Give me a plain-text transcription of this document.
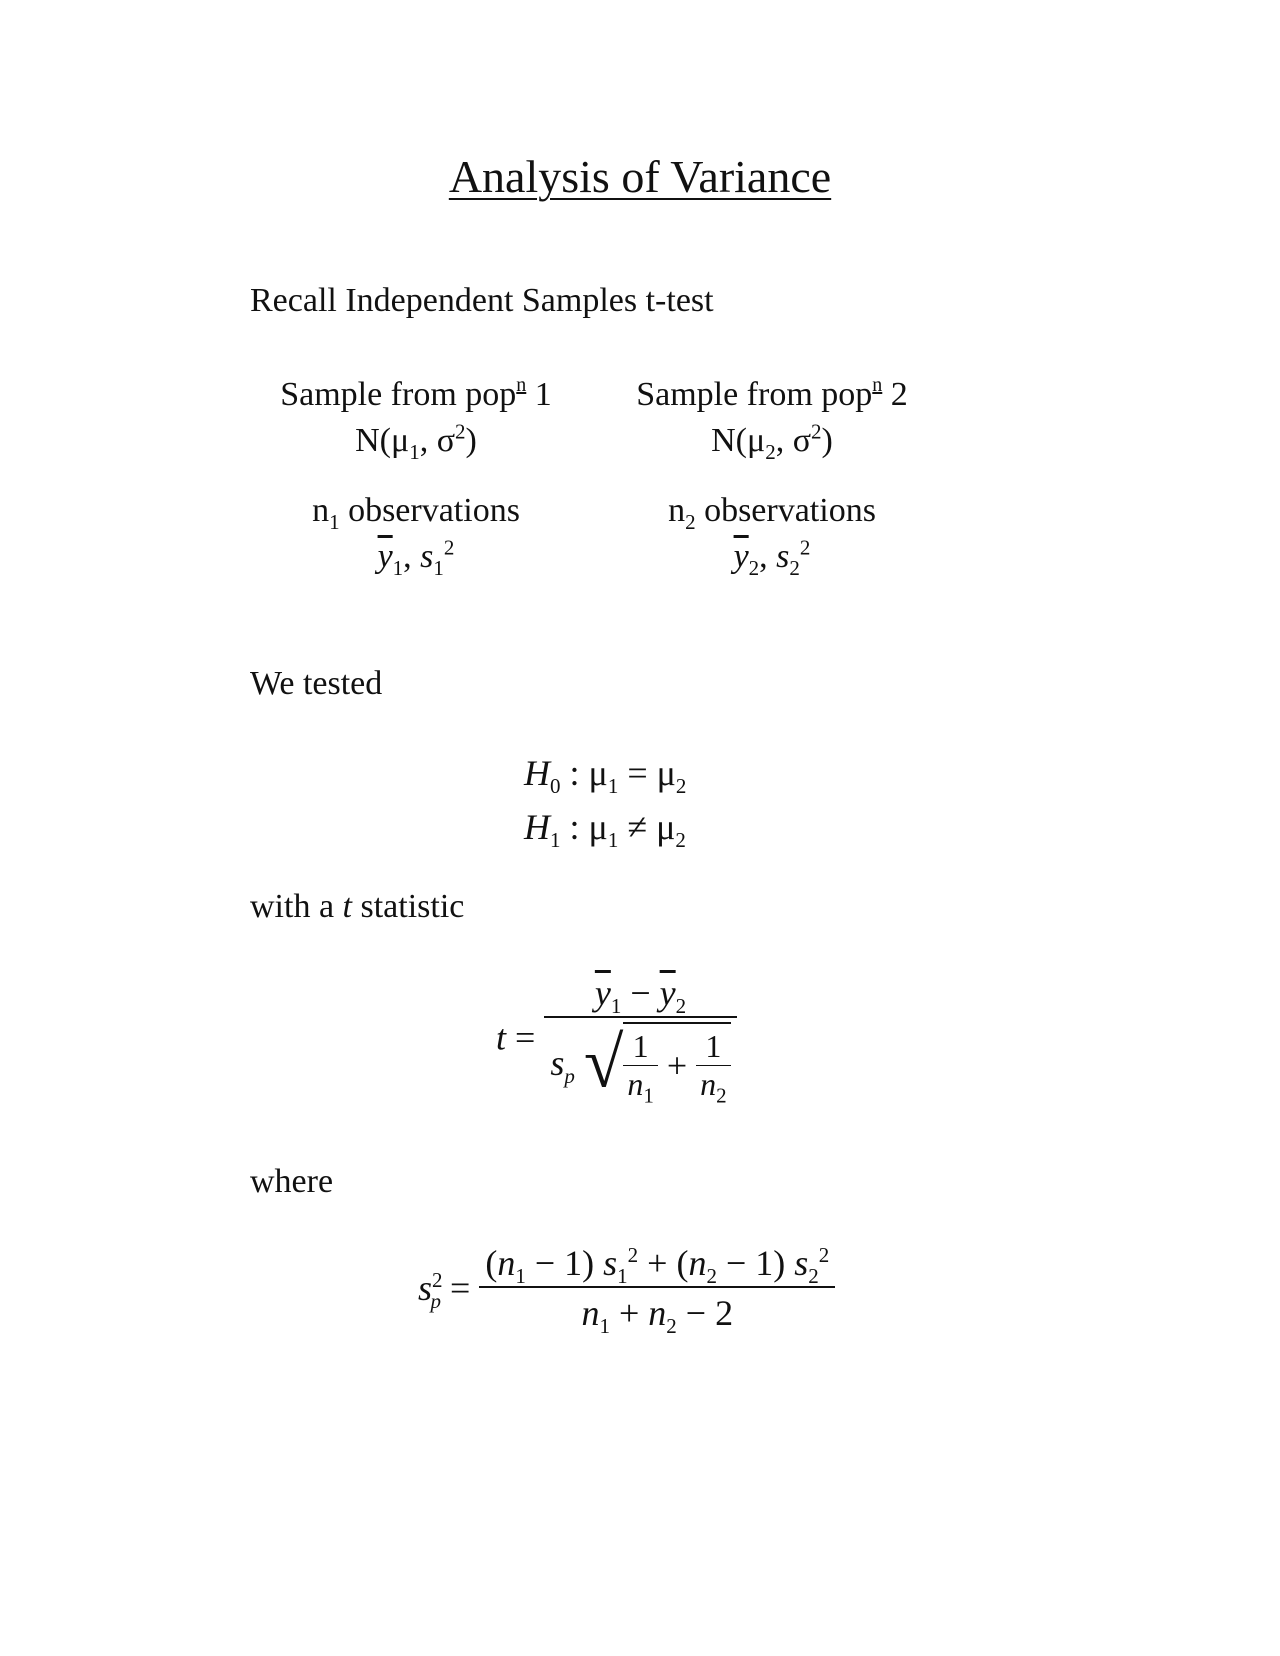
Analysis of Variance
Recall Independent Samples t-test
Sample from pop$^n$ 1
$N(\mu_1$, $\sigma^2$)
Sample from pop$^n$ 2
$N(\mu_2$, $\sigma^2$)
$n_1$ observations
$\overline{y}_1$, $s_1^2$
$n_2$ observations
$\overline{y}_2$, $s_2^2$
We tested
$H_0$ : $\mu_1 = \mu_2$
$H_1$ : $\mu_1 \ne \mu_2$
with a t statistic
$t = \frac{\overline{y}_1 - \overline{y}_2}{s_p √ \frac{1}{n_1} + \frac{1}{n_2}}$
where
$s^2_p = \frac{(n_1 - 1) s_1^2 + (n_2 - 1) s_2^2}{n_1 + n_2 - 2}$
